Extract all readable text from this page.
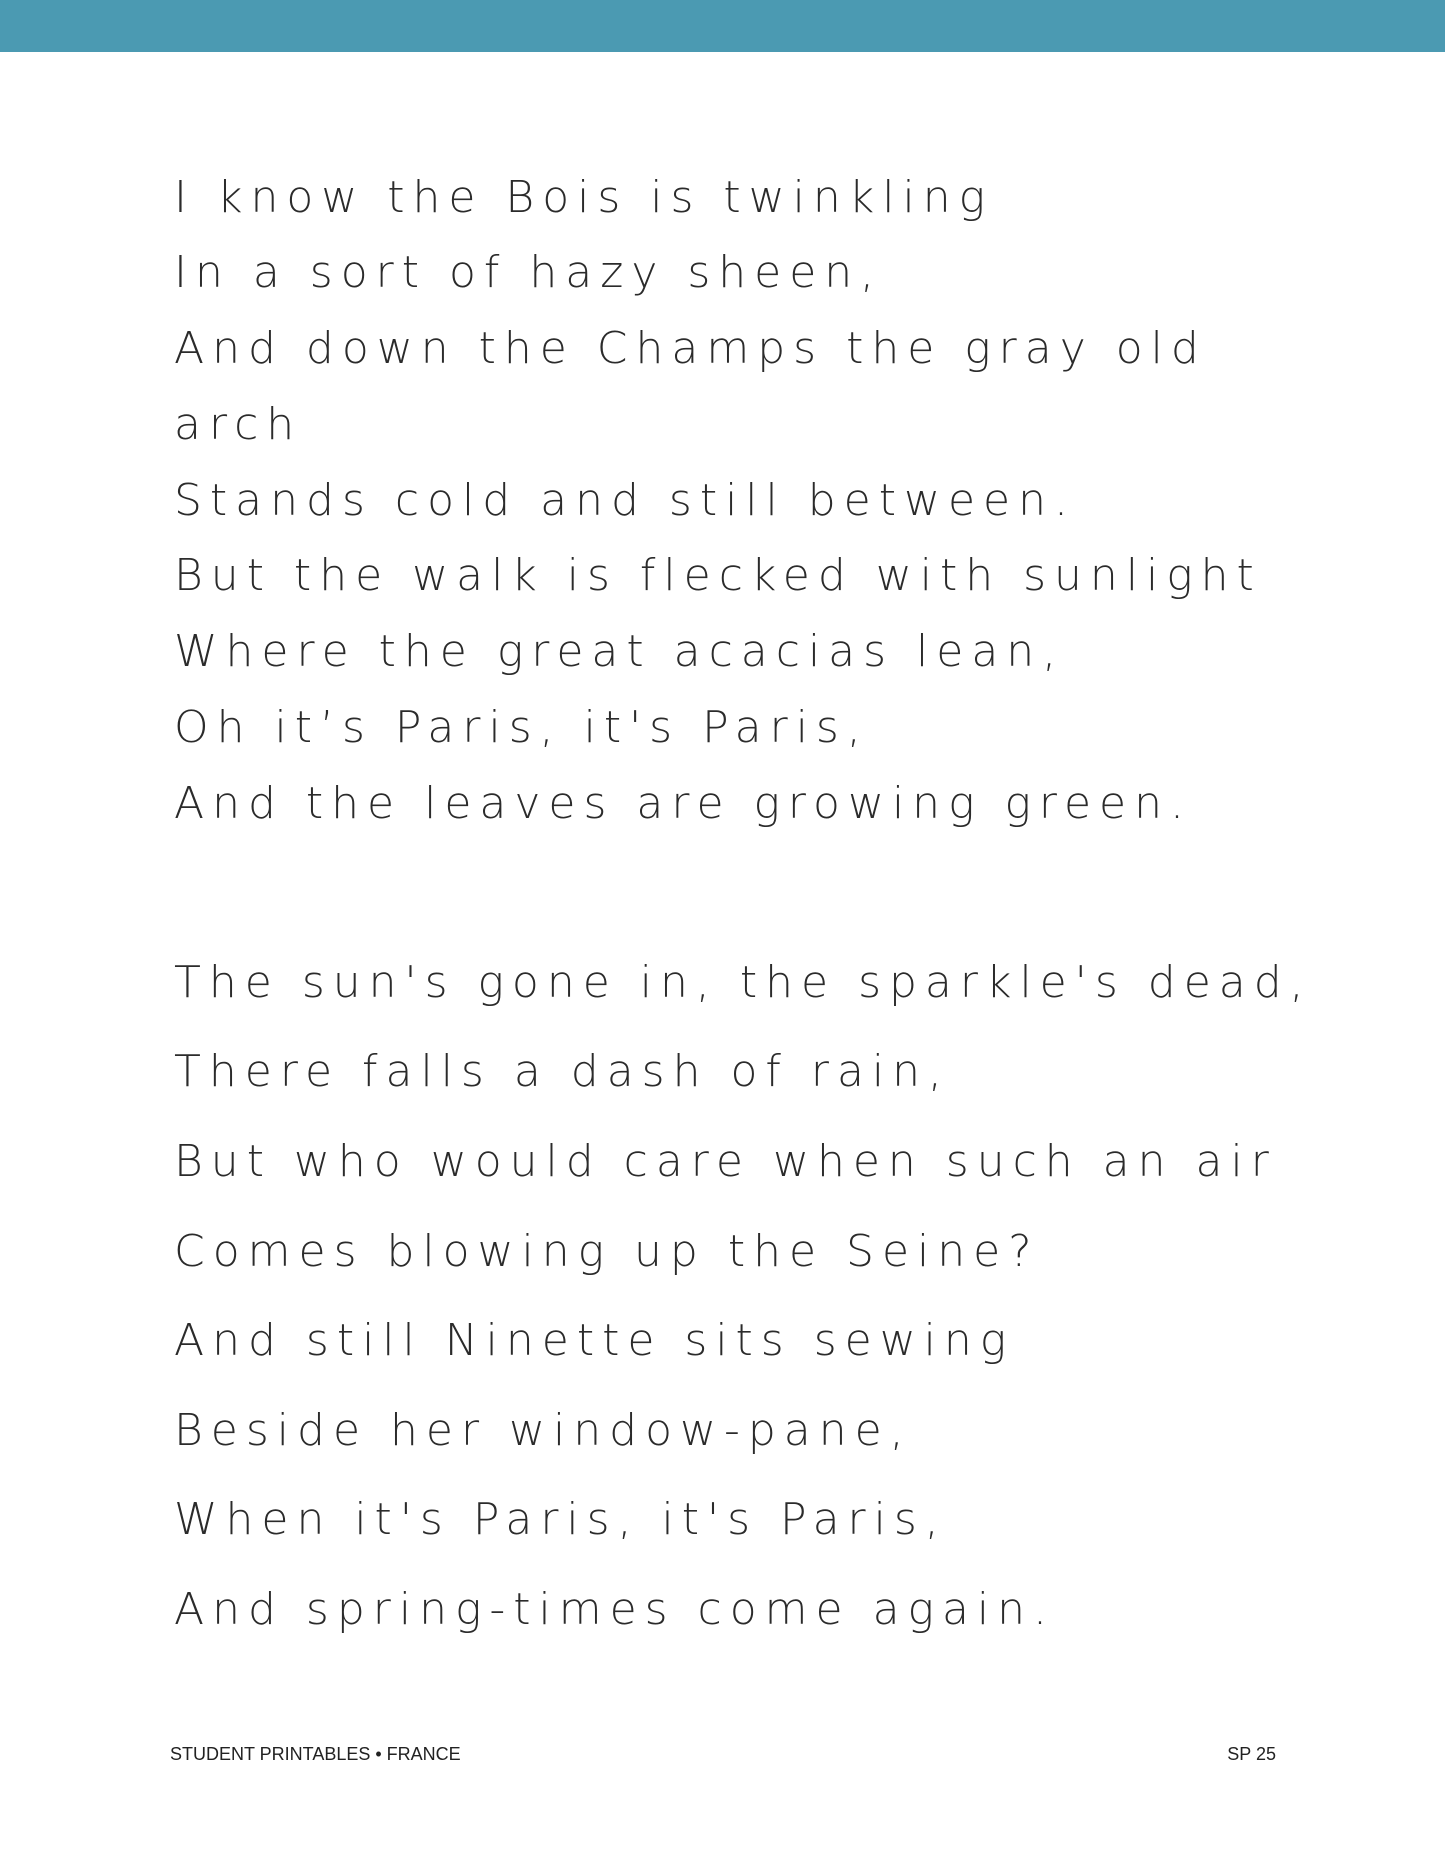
I know the Bois is twinkling

In a sort of hazy sheen,

And down the Champs the gray old

arch

Stands cold and still between.

But the walk is flecked with sunlight

Where the great acacias lean,

Oh it’s Paris, it's Paris,

And the leaves are growing green.

The sun's gone in, the sparkle's dead,

There falls a dash of rain,

But who would care when such an air

Comes blowing up the Seine?

And still Ninette sits sewing

Beside her window-pane,

When it's Paris, it's Paris,

And spring-times come again.

STUDENT PRINTABLES • FRANCE	SP 25
